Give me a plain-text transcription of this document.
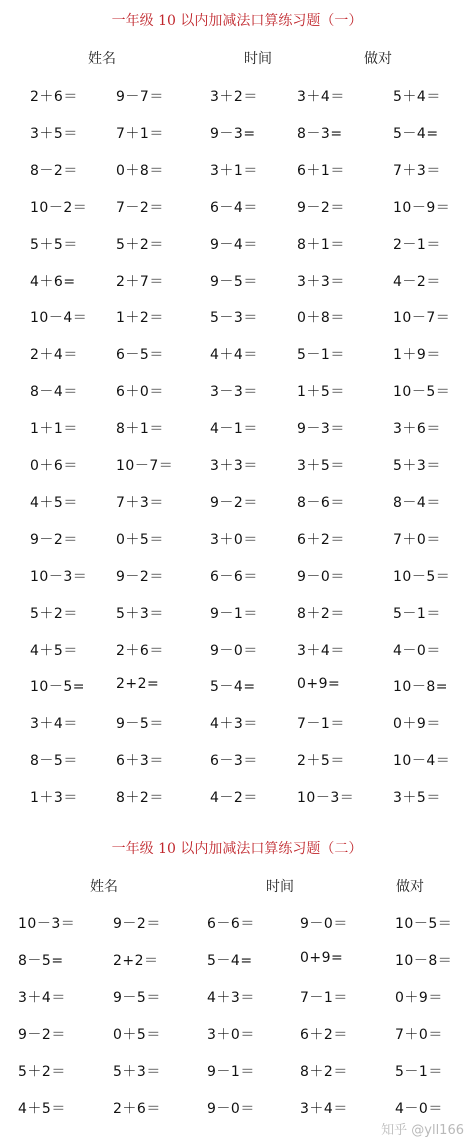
一年级 10 以内加减法口算练习题（一）
姓名	时间	做对
2＋6＝	9－7＝	3＋2＝	3＋4＝	5＋4＝
3＋5＝	7＋1＝	9－3=	8－3=	5－4=
8－2＝	0＋8＝	3＋1＝	6＋1＝	7＋3＝
10－2＝ 7－2＝	6－4＝	9－2＝	10－9＝
5＋5＝	5＋2＝	9－4＝	8＋1＝	2－1＝
4＋6=	2＋7＝	9－5＝	3＋3＝	4－2＝
10－4＝ 1＋2＝	5－3＝	0＋8＝	10－7＝
2＋4＝	6－5＝	4＋4＝	5－1＝	1＋9＝
8－4＝	6＋0＝	3－3＝	1＋5＝	10－5＝
1＋1＝	8＋1＝	4－1＝	9－3＝	3＋6＝
0＋6＝	10－7＝	3＋3＝	3＋5＝	5＋3＝
4＋5＝	7＋3＝	9－2＝	8－6＝	8－4＝
9－2＝	0＋5＝	3＋0＝	6＋2＝	7＋0＝
10－3＝ 9－2＝	6－6＝	9－0＝	10－5＝
5＋2＝	5＋3＝	9－1＝	8＋2＝	5－1＝
4＋5＝	2＋6＝	9－0＝	3＋4＝	4－0＝
10－5= 2+2=	5－4=	0+9=	10－8=
3＋4＝	9－5＝	4＋3＝	7－1＝	0＋9＝
8－5＝	6＋3＝	6－3＝	2＋5＝	10－4＝
1＋3＝	8＋2＝	4－2＝	10－3＝	3＋5＝
一年级 10 以内加减法口算练习题（二）
姓名	时间	做对
10－3＝	9－2＝	6－6＝	9－0＝	10－5＝
8－5=	2+2＝	5－4=	0+9=	10－8＝
3＋4＝	9－5＝	4＋3＝	7－1＝	0＋9＝
9－2＝	0＋5＝	3＋0＝	6＋2＝	7＋0＝
5＋2＝	5＋3＝	9－1＝	8＋2＝	5－1＝
4＋5＝	2＋6＝	9－0＝	3＋4＝	4－0＝
知乎 @yll166
